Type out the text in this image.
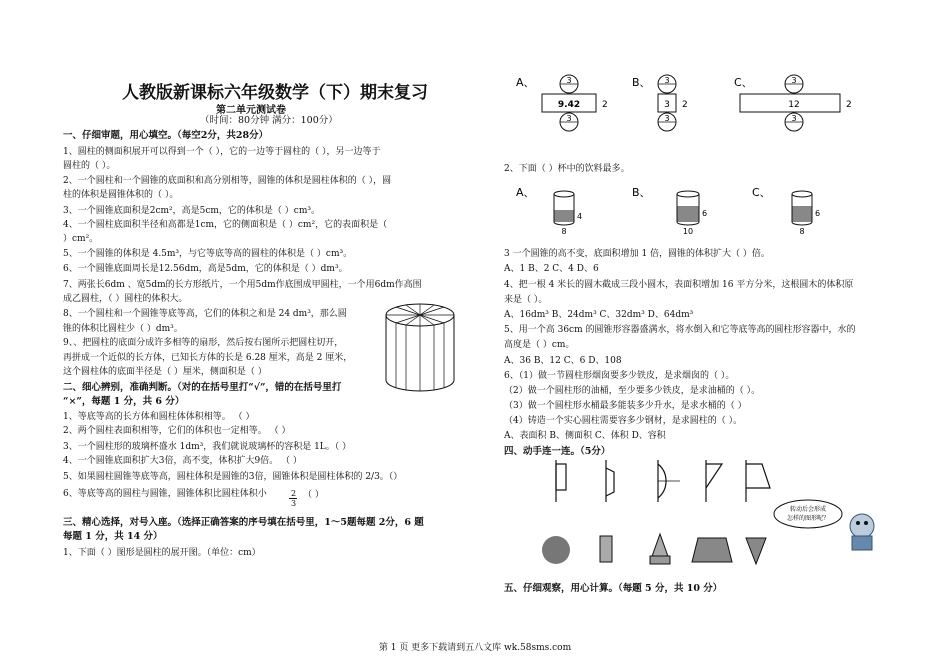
人教版新课标六年级数学（下）期末复习
第二单元测试卷
（时间：80分钟 满分：100分）
一、仔细审题，用心填空。（每空2分，共28分）
1、圆柱的侧面积展开可以得到一个（ ），它的一边等于圆柱的（ ），另一边等于
圆柱的（ ）。
2、一个圆柱和一个圆锥的底面积和高分别相等，圆锥的体积是圆柱体积的（ ），圆
柱的体积是圆锥体积的（ ）。
3、一个圆锥底面积是2cm²，高是5cm，它的体积是（ ）cm³。
4、一个圆柱底面积半径和高都是1cm，它的侧面积是（ ）cm²，它的表面积是（
）cm²。
5、一个圆锥的体积是 4.5m³，与它等底等高的圆柱的体积是（ ）cm³。
6、一个圆锥底面周长是12.56dm，高是5dm，它的体积是（ ）dm³。
7、两张长6dm 、宽5dm的长方形纸片，一个用5dm作底围成甲圆柱，一个用6dm作高围
成乙圆柱，（ ）圆柱的体积大。
8、一个圆柱和一个圆锥等底等高，它们的体积之和是 24 dm³，那么圆
锥的体积比圆柱少（ ）dm³。
9、、把圆柱的底面分成许多相等的扇形，然后按右图所示把圆柱切开，
再拼成一个近似的长方体，已知长方体的长是 6.28 厘米，高是 2 厘米，
这个圆柱体的底面半径是（ ）厘米，侧面积是（ ）
二、细心辨别，准确判断。（对的在括号里打“√”，错的在括号里打
“×”，每题 1 分，共 6 分）
1、等底等高的长方体和圆柱体体积相等。 （ ）
2、两个圆柱表面积相等，它们的体积也一定相等。 （ ）
3、一个圆柱形的玻璃杯盛水 1dm³，我们就说玻璃杯的容积是 1L。（ ）
4、一个圆锥底面积扩大3倍，高不变，体积扩大9倍。 （ ）
5、如果圆柱圆锥等底等高，圆柱体积是圆锥的3倍，圆锥体积是圆柱体积的 2/3。（）
6、等底等高的圆柱与圆锥，圆锥体积比圆柱体积小
三、精心选择，对号入座。（选择正确答案的序号填在括号里，1～5题每题 2分，6 题
每题 1 分，共 14 分）
1、下面（ ）图形是圆柱的展开图。（单位：cm）
2
3
（ ）
A、	3
9.42 2
3
B、 3
3 2
3
C、	3
12	2
3
2、下面（ ）杯中的饮料最多。
A、
4
8
B、
6
10
C、
6
8
3 一个圆锥的高不变，底面积增加 1 倍，圆锥的体积扩大（ ）倍。
A、1 B、2 C、4 D、6
4、把一根 4 米长的圆木截成三段小圆木，表面积增加 16 平方分米，这根圆木的体积原
来是（ ）。
A、16dm³ B、24dm³ C、32dm³ D、64dm³
5、用一个高 36cm 的圆锥形容器盛满水，将水倒入和它等底等高的圆柱形容器中，水的
高度是（ ）cm。
A、36 B、12 C、6 D、108
6、（1）做一节圆柱形烟囱要多少铁皮，是求烟囱的（ ）。
（2）做一个圆柱形的油桶，至少要多少铁皮，是求油桶的（ ）。
（3）做一个圆柱形水桶最多能装多少升水，是求水桶的（ ）
（4）铸造一个实心圆柱需要容多少钢材，是求圆柱的（ ）。
A、表面积 B、侧面积 C、体积 D、容积
四、动手连一连。（5分）
转动后会形成
怎样的图形呢？
五、仔细观察，用心计算。（每题 5 分，共 10 分）
第 1 页 更多下载请到五八文库 wk.58sms.com
